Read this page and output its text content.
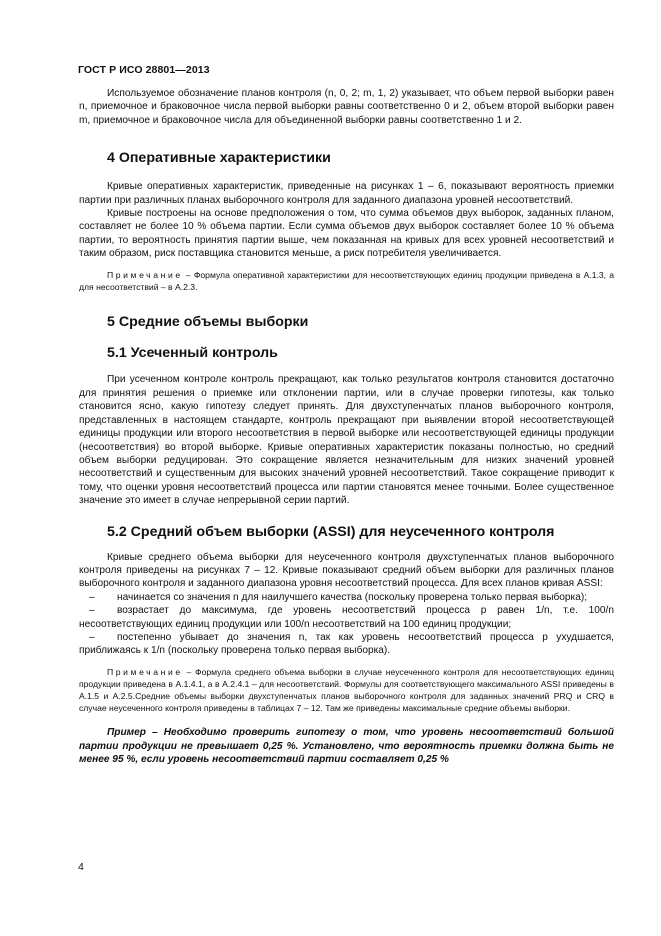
ГОСТ Р ИСО 28801—2013

Используемое обозначение планов контроля (n, 0, 2; m, 1, 2) указывает, что объем первой выборки равен n, приемочное и браковочное числа первой выборки равны соответственно 0 и 2, объем второй выборки равен m, приемочное и браковочное числа для объединенной выборки равны соответственно 1 и 2.

4 Оперативные характеристики

Кривые оперативных характеристик, приведенные на рисунках 1 – 6, показывают вероятность приемки партии при различных планах выборочного контроля для заданного диапазона уровней несоответствий.

Кривые построены на основе предположения о том, что сумма объемов двух выборок, заданных планом, составляет не более 10 % объема партии. Если сумма объемов двух выборок составляет более 10 % объема партии, то вероятность принятия партии выше, чем показанная на кривых для всех уровней несоответствий и таким образом, риск поставщика становится меньше, а риск потребителя увеличивается.

Примечание – Формула оперативной характеристики для несоответствующих единиц продукции приведена в А.1.3, а для несоответствий – в А.2.3.

5 Средние объемы выборки
5.1 Усеченный контроль

При усеченном контроле контроль прекращают, как только результатов контроля становится достаточно для принятия решения о приемке или отклонении партии, или в случае проверки гипотезы, как только становится ясно, какую гипотезу следует принять. Для двухступенчатых планов выборочного контроля, представленных в настоящем стандарте, контроль прекращают при выявлении второй несоответствующей единицы продукции или второго несоответствия в первой выборке или несоответствующей единицы продукции (несоответствия) во второй выборке. Кривые оперативных характеристик показаны полностью, но средний объем выборки редуцирован. Это сокращение является незначительным для низких значений уровней несоответствий и существенным для высоких значений уровней несоответствий. Такое сокращение приводит к тому, что оценки уровня несоответствий процесса или партии становятся менее точными. Более существенное значение это имеет в случае непрерывной серии партий.

5.2 Средний объем выборки (ASSI) для неусеченного контроля

Кривые среднего объема выборки для неусеченного контроля двухступенчатых планов выборочного контроля приведены на рисунках 7 – 12. Кривые показывают средний объем выборки для различных планов выборочного контроля и заданного диапазона уровня несоответствий процесса. Для всех планов кривая ASSI:

– начинается со значения n для наилучшего качества (поскольку проверена только первая выборка);

– возрастает до максимума, где уровень несоответствий процесса p равен 1/n, т.е. 100/n несоответствующих единиц продукции или 100/n несоответствий на 100 единиц продукции;

– постепенно убывает до значения n, так как уровень несоответствий процесса p ухудшается, приближаясь к 1/n (поскольку проверена только первая выборка).

Примечание – Формула среднего объема выборки в случае неусеченного контроля для несоответствующих единиц продукции приведена в А.1.4.1, а в А.2.4.1 – для несоответствий. Формулы для соответствующего максимального ASSI приведены в А.1.5 и А.2.5.Средние объемы выборки двухступенчатых планов выборочного контроля для заданных значений PRQ и CRQ в случае неусеченного контроля приведены в таблицах 7 – 12. Там же приведены максимальные средние объемы выборки.

Пример – Необходимо проверить гипотезу о том, что уровень несоответствий большой партии продукции не превышает 0,25 %. Установлено, что вероятность приемки должна быть не менее 95 %, если уровень несоответствий партии составляет 0,25 %

4
